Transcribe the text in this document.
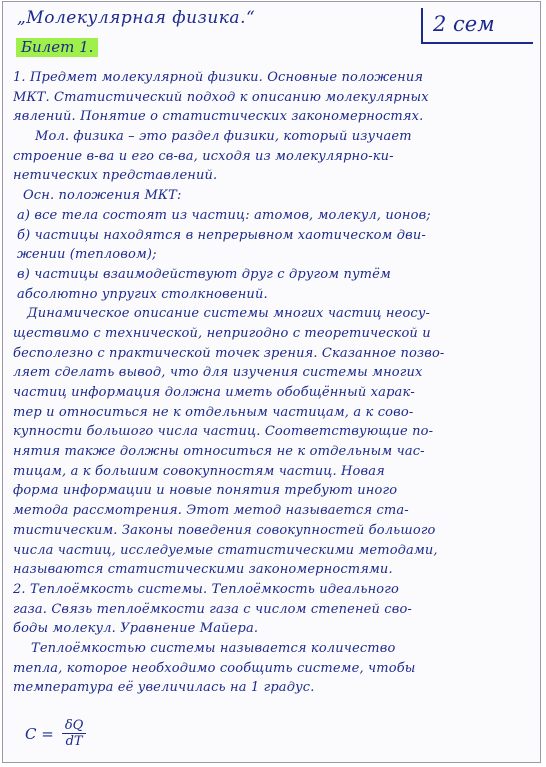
„Молекулярная физика.“	2 сем
Билет 1.
1. Предмет молекулярной физики. Основные положения
МКТ. Статистический подход к описанию молекулярных
явлений. Понятие о статистических закономерностях.
Мол. физика – это раздел физики, который изучает
строение в-ва и его св-ва, исходя из молекулярно-ки-
нетических представлений.
Осн. положения МКТ:
а) все тела состоят из частиц: атомов, молекул, ионов;
б) частицы находятся в непрерывном хаотическом дви-
жении (тепловом);
в) частицы взаимодействуют друг с другом путём
абсолютно упругих столкновений.
Динамическое описание системы многих частиц неосу-
ществимо с технической, непригодно с теоретической и
бесполезно с практической точек зрения. Сказанное позво-
ляет сделать вывод, что для изучения системы многих
частиц информация должна иметь обобщённый харак-
тер и относиться не к отдельным частицам, а к сово-
купности большого числа частиц. Соответствующие по-
нятия также должны относиться не к отдельным час-
тицам, а к большим совокупностям частиц. Новая
форма информации и новые понятия требуют иного
метода рассмотрения. Этот метод называется ста-
тистическим. Законы поведения совокупностей большого
числа частиц, исследуемые статистическими методами,
называются статистическими закономерностями.
2. Теплоёмкость системы. Теплоёмкость идеального
газа. Связь теплоёмкости газа с числом степеней сво-
боды молекул. Уравнение Майера.
Теплоёмкостью системы называется количество
тепла, которое необходимо сообщить системе, чтобы
температура её увеличилась на 1 градус.
$C = \frac{\delta Q}{dT}$
